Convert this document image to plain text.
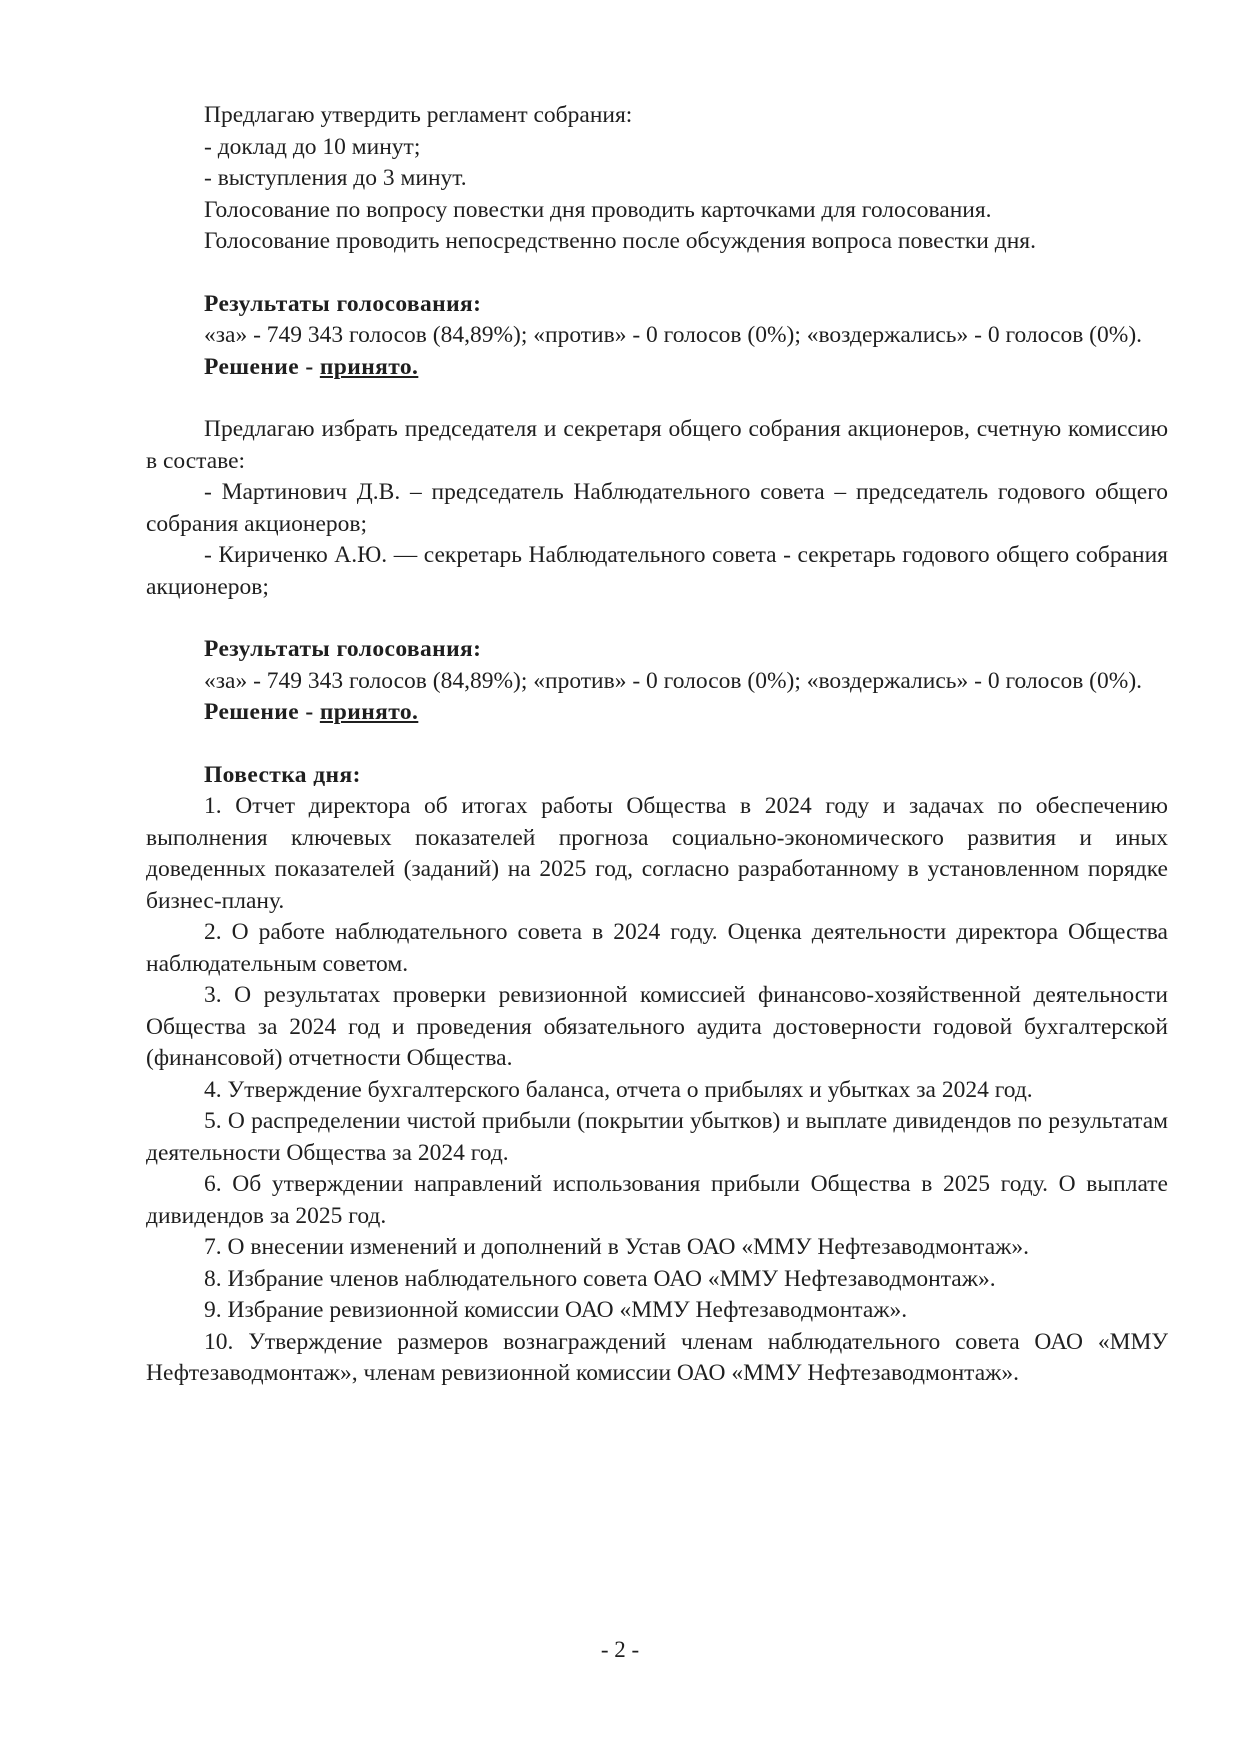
Предлагаю утвердить регламент собрания:

- доклад до 10 минут;

- выступления до 3 минут.

Голосование по вопросу повестки дня проводить карточками для голосования.

Голосование проводить непосредственно после обсуждения вопроса повестки дня.

Результаты голосования:

«за» - 749 343 голосов (84,89%); «против» - 0 голосов (0%); «воздержались» - 0 голосов (0%).

Решение - принято.

Предлагаю избрать председателя и секретаря общего собрания акционеров, счетную комиссию в составе:

- Мартинович Д.В. – председатель Наблюдательного совета – председатель годового общего собрания акционеров;

- Кириченко А.Ю. — секретарь Наблюдательного совета - секретарь годового общего собрания акционеров;

Результаты голосования:

«за» - 749 343 голосов (84,89%); «против» - 0 голосов (0%); «воздержались» - 0 голосов (0%).

Решение - принято.

Повестка дня:

1. Отчет директора об итогах работы Общества в 2024 году и задачах по обеспечению выполнения ключевых показателей прогноза социально-экономического развития и иных доведенных показателей (заданий) на 2025 год, согласно разработанному в установленном порядке бизнес-плану.

2. О работе наблюдательного совета в 2024 году. Оценка деятельности директора Общества наблюдательным советом.

3. О результатах проверки ревизионной комиссией финансово-хозяйственной деятельности Общества за 2024 год и проведения обязательного аудита достоверности годовой бухгалтерской (финансовой) отчетности Общества.

4. Утверждение бухгалтерского баланса, отчета о прибылях и убытках за 2024 год.

5. О распределении чистой прибыли (покрытии убытков) и выплате дивидендов по результатам деятельности Общества за 2024 год.

6. Об утверждении направлений использования прибыли Общества в 2025 году. О выплате дивидендов за 2025 год.

7. О внесении изменений и дополнений в Устав ОАО «ММУ Нефтезаводмонтаж».

8. Избрание членов наблюдательного совета ОАО «ММУ Нефтезаводмонтаж».

9. Избрание ревизионной комиссии ОАО «ММУ Нефтезаводмонтаж».

10. Утверждение размеров вознаграждений членам наблюдательного совета ОАО «ММУ Нефтезаводмонтаж», членам ревизионной комиссии ОАО «ММУ Нефтезаводмонтаж».

- 2 -
